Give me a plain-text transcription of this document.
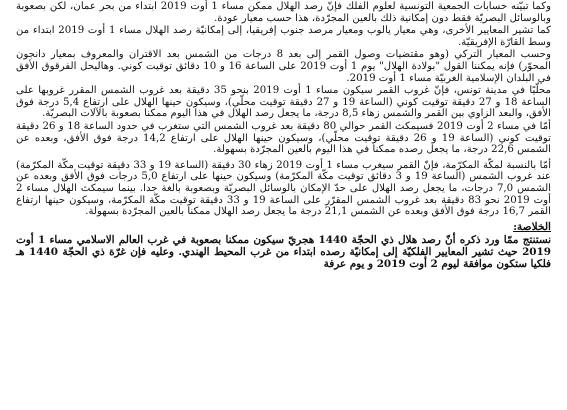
وكما تبيّنه حسابات الجمعية التونسية لعلوم الفلك فإنّ رصد الهلال ممكن مساء 1 أوت 2019 ابتداء من بحر عمان، لكن بصعوبة وبالوسائل البصريّة فقط دون إمكانية ذلك بالعين المجرّدة، هذا حسب معيار عودة.

كما تشير المعايير الأخرى، وهي معيار يالوب ومعيار مرصد جنوب إفريقيا، إلى إمكانيّة رصد الهلال مساء 1 أوت 2019 ابتداء من وسط القارّة الإفريقيّة.

وحسب المعيار التركي (وهو مقتضيات وصول القمر إلى بعد 8 درجات من الشمس بعد الاقتران والمعروف بمعيار دانجون المحوّر) فإنه يمكننا القول "بولادة الهلال" يوم 1 أوت 2019 على الساعة 16 و 10 دقائق توقيت كوني. وهاليحل الفرقوق الأفق في البلدان الإسلامية الغربيّة مساء 1 أوت 2019.

محلّيًا في مدينة تونس، فإنّ غروب القمر سيكون مساء 1 أوت 2019 بنحو 35 دقيقة بعد غروب الشمس المقرر غروبها على الساعة 18 و 27 دقيقة توقيت كوني (الساعة 19 و 27 دقيقة توقيت محلّي)، وسيكون حينها الهلال على ارتفاع 5,4 درجة فوق الأفق، والبعد الزاوي بين القمر والشمس زهاء 8,5 درجة، ما يجعل رصد الهلال في هذا اليوم ممكنا بصعوبة بالآلات البصريّة.

أمّا في مساء 2 أوت 2019 فسيمكث القمر حوالي 80 دقيقة بعد غروب الشمس التي ستغرب في حدود الساعة 18 و 26 دقيقة توقيت كوني (الساعة 19 و 26 دقيقة توقيت محلّي)، وسيكون حينها الهلال على ارتفاع 14,2 درجة فوق الأفق، وبعده عن الشمس 22,6 درجة، ما يجعل رصده ممكنا في هذا اليوم بالعين المجرّدة بسهولة.

أمّا بالنسبة لمكّة المكرّمة، فإنّ القمر سيغرب مساء 1 أوت 2019 زهاء 30 دقيقة (الساعة 19 و 33 دقيقة توقيت مكّة المكرّمة) عند غروب الشمس (الساعة 19 و 3 دقائق توقيت مكّة المكرّمة) وسيكون حينها على ارتفاع 5,0 درجات فوق الأفق وبعده عن الشمس 7,0 درجات، ما يجعل رصد الهلال على حدّ الإمكان بالوسائل البصريّة وبصعوبة بالغة جدا. بينما سيمكث الهلال مساء 2 أوت 2019 نحو 83 دقيقة بعد غروب الشمس المقرّر على الساعة 19 و 33 دقيقة توقيت مكّة المكرّمة، وسيكون حينها ارتفاع القمر 16,7 درجة فوق الأفق وبعده عن الشمس 21,1 درجة ما يجعل رصد الهلال ممكنا بالعين المجرّدة بسهولة.

الخلاصة:

نستنتج ممّا ورد ذكره أنّ رصد هلال ذي الحجّة 1440 هجريّ سيكون ممكنا بصعوبة في غرب العالم الاسلامي مساء 1 أوت 2019 حيث تشير المعايير الفلكيّة إلى إمكانيّة رصده ابتداء من غرب المحيط الهندي. وعليه فإن غرّة ذي الحجّة 1440 هـ فلكيا ستكون موافقة ليوم 2 أوت 2019 و يوم عرفة
